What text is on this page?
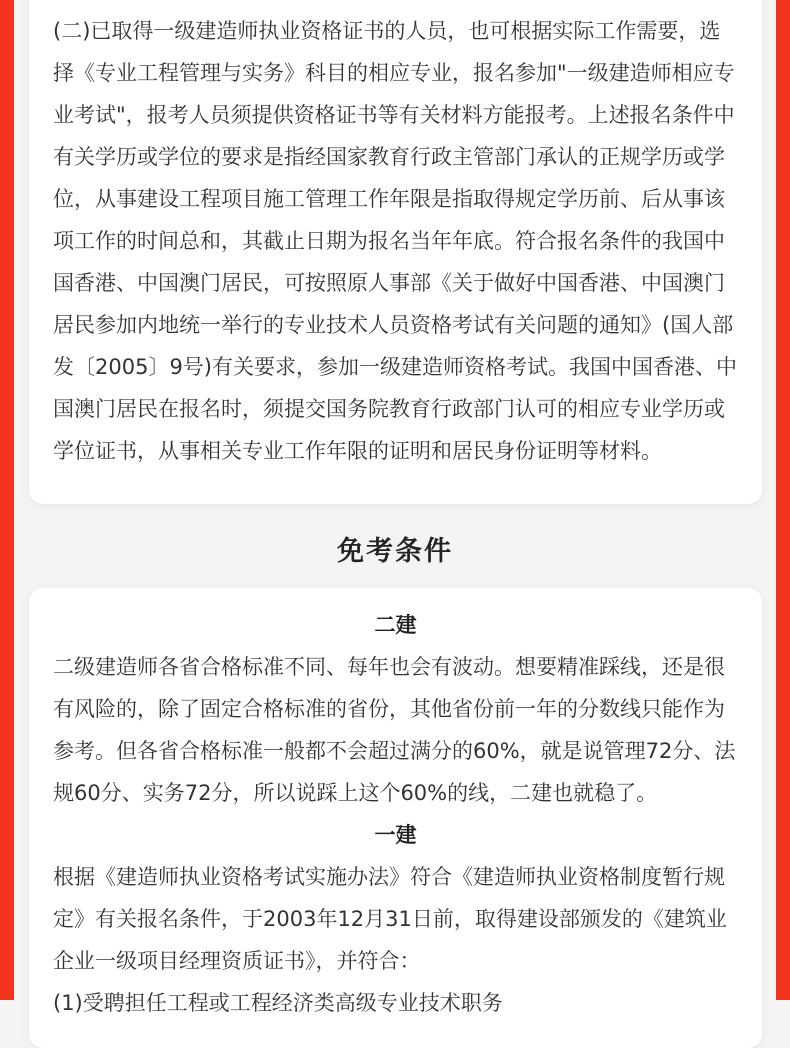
(二)已取得一级建造师执业资格证书的人员，也可根据实际工作需要，选择《专业工程管理与实务》科目的相应专业，报名参加"一级建造师相应专业考试"，报考人员须提供资格证书等有关材料方能报考。上述报名条件中有关学历或学位的要求是指经国家教育行政主管部门承认的正规学历或学位，从事建设工程项目施工管理工作年限是指取得规定学历前、后从事该项工作的时间总和，其截止日期为报名当年年底。符合报名条件的我国中国香港、中国澳门居民，可按照原人事部《关于做好中国香港、中国澳门居民参加内地统一举行的专业技术人员资格考试有关问题的通知》(国人部发〔2005〕9号)有关要求，参加一级建造师资格考试。我国中国香港、中国澳门居民在报名时，须提交国务院教育行政部门认可的相应专业学历或学位证书，从事相关专业工作年限的证明和居民身份证明等材料。

免考条件
二建

二级建造师各省合格标准不同、每年也会有波动。想要精准踩线，还是很有风险的，除了固定合格标准的省份，其他省份前一年的分数线只能作为参考。但各省合格标准一般都不会超过满分的60%，就是说管理72分、法规60分、实务72分，所以说踩上这个60%的线，二建也就稳了。

一建

根据《建造师执业资格考试实施办法》符合《建造师执业资格制度暂行规定》有关报名条件，于2003年12月31日前，取得建设部颁发的《建筑业企业一级项目经理资质证书》，并符合：

(1)受聘担任工程或工程经济类高级专业技术职务
